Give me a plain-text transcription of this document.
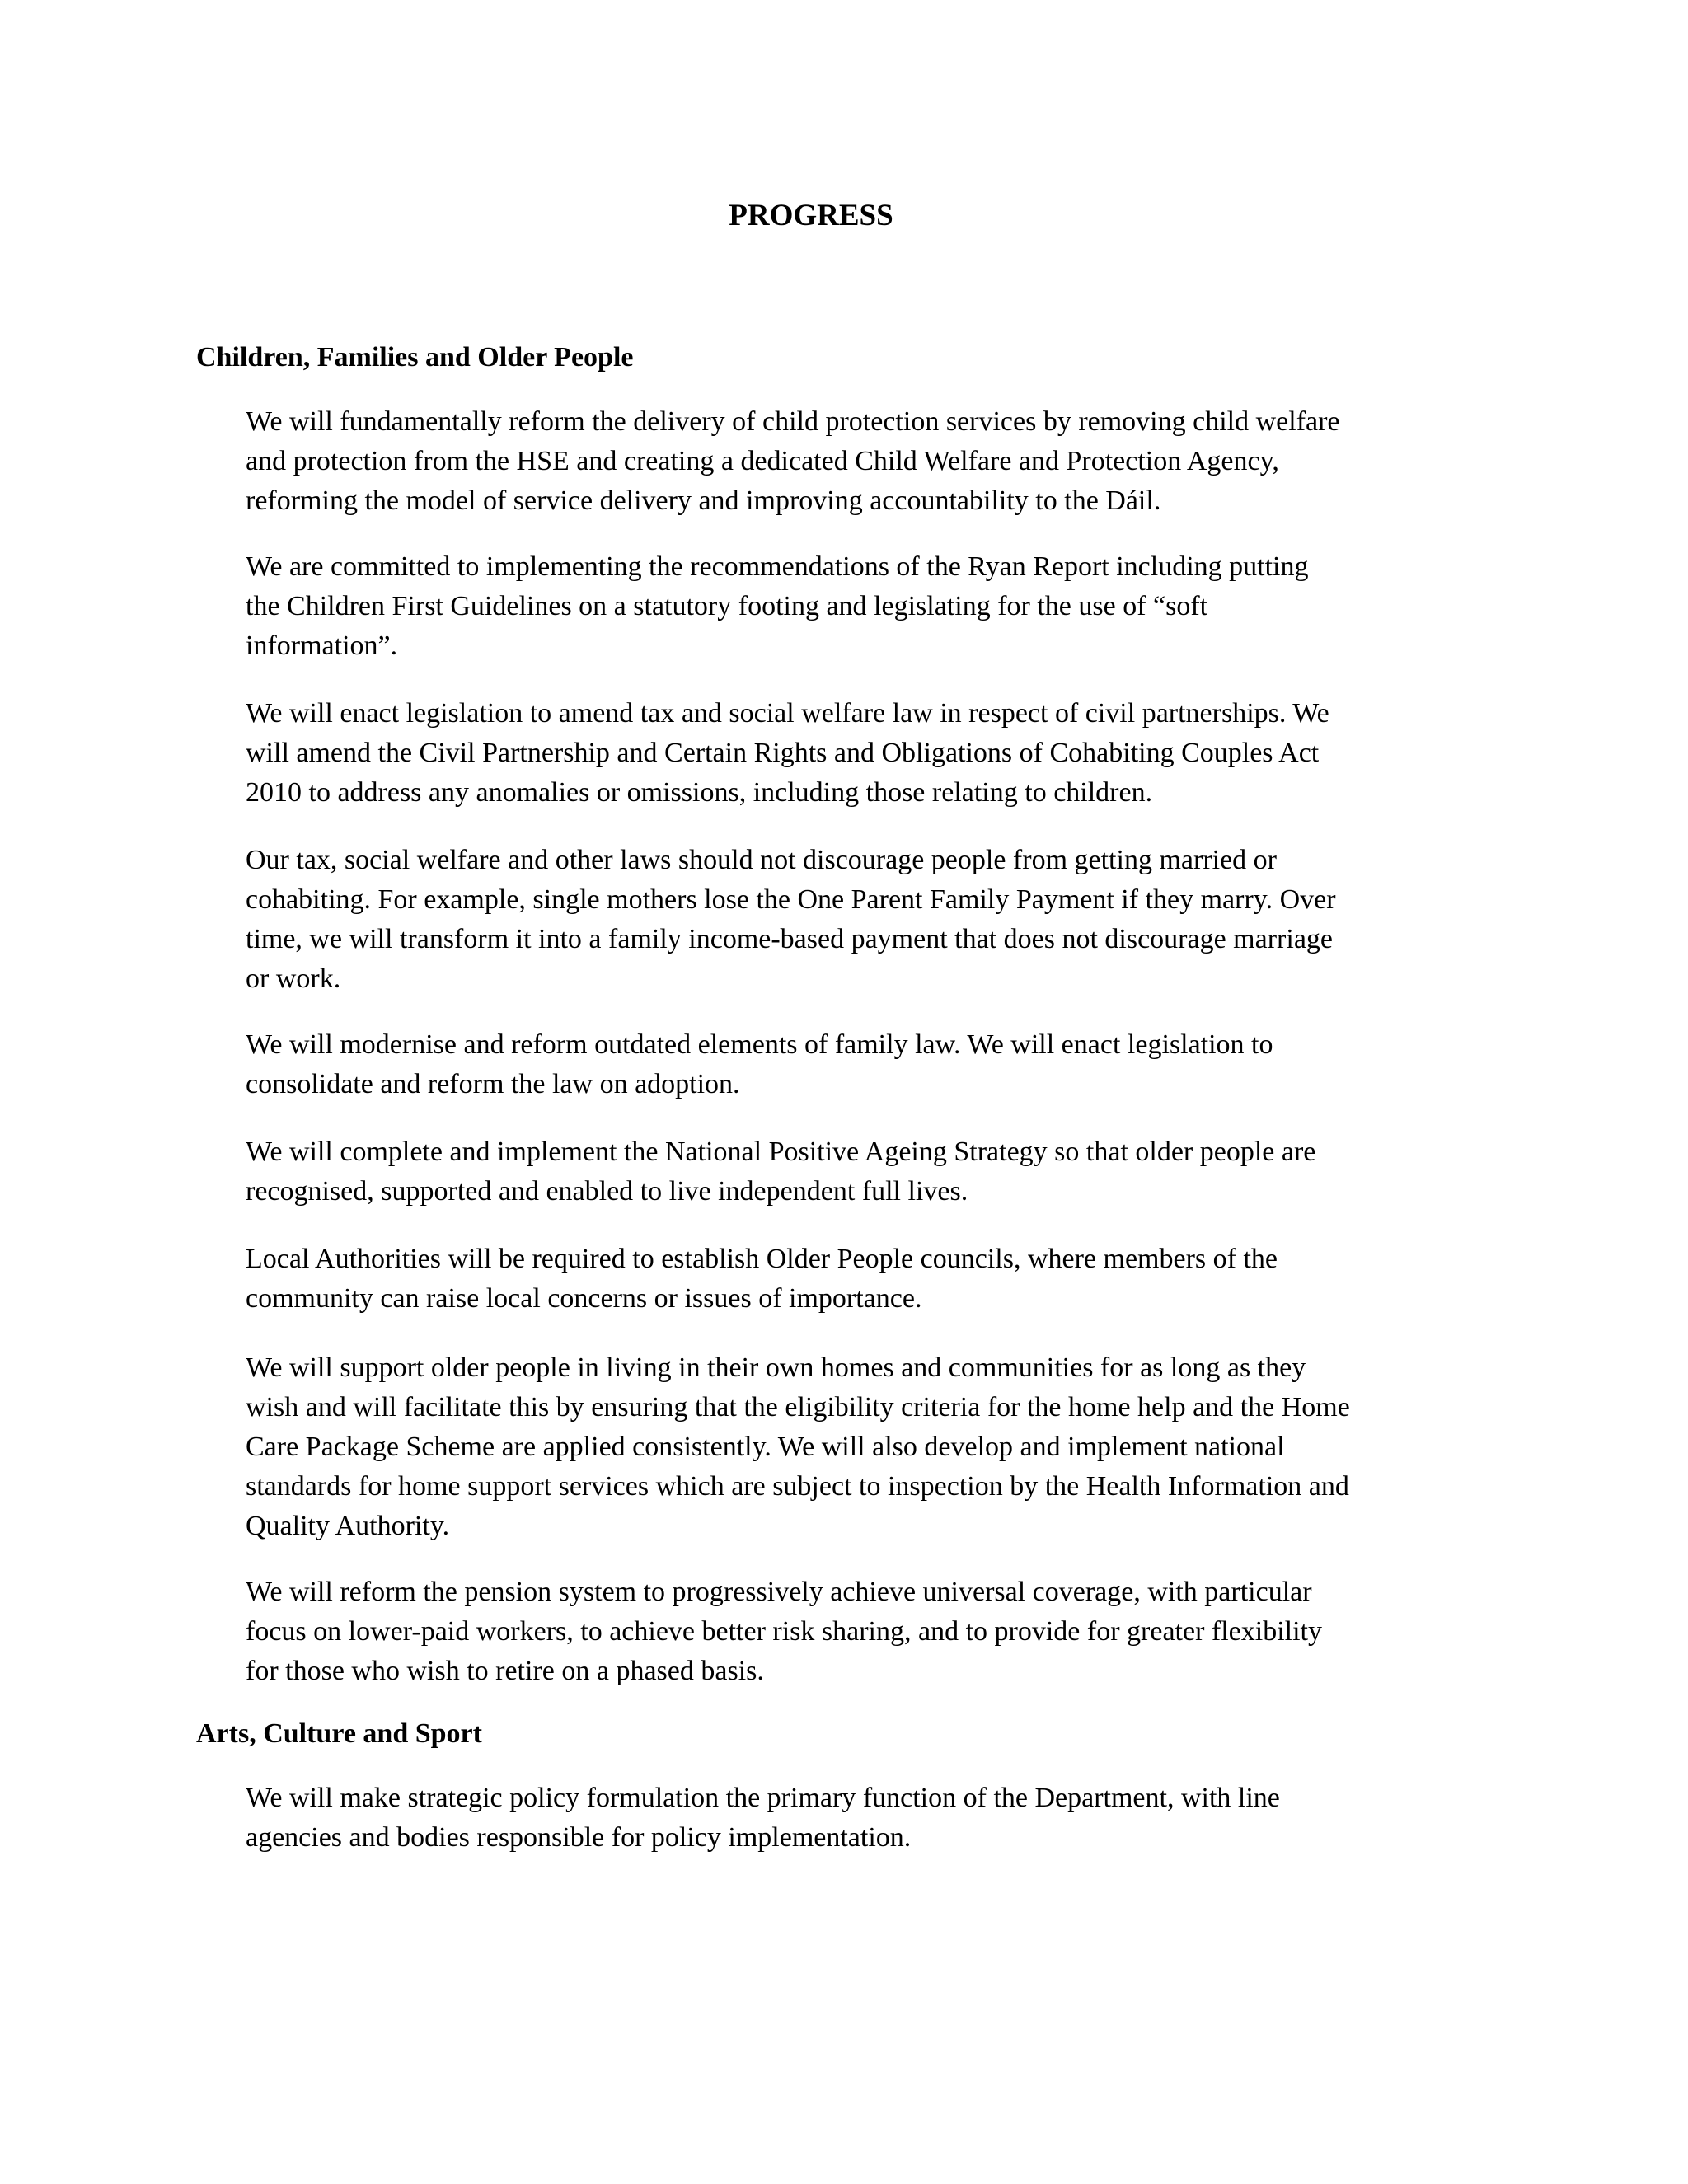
PROGRESS
Children, Families and Older People

We will fundamentally reform the delivery of child protection services by removing child welfare
and protection from the HSE and creating a dedicated Child Welfare and Protection Agency,
reforming the model of service delivery and improving accountability to the Dáil.

We are committed to implementing the recommendations of the Ryan Report including putting
the Children First Guidelines on a statutory footing and legislating for the use of “soft
information”.

We will enact legislation to amend tax and social welfare law in respect of civil partnerships. We
will amend the Civil Partnership and Certain Rights and Obligations of Cohabiting Couples Act
2010 to address any anomalies or omissions, including those relating to children.

Our tax, social welfare and other laws should not discourage people from getting married or
cohabiting. For example, single mothers lose the One Parent Family Payment if they marry. Over
time, we will transform it into a family income-based payment that does not discourage marriage
or work.

We will modernise and reform outdated elements of family law. We will enact legislation to
consolidate and reform the law on adoption.

We will complete and implement the National Positive Ageing Strategy so that older people are
recognised, supported and enabled to live independent full lives.

Local Authorities will be required to establish Older People councils, where members of the
community can raise local concerns or issues of importance.

We will support older people in living in their own homes and communities for as long as they
wish and will facilitate this by ensuring that the eligibility criteria for the home help and the Home
Care Package Scheme are applied consistently. We will also develop and implement national
standards for home support services which are subject to inspection by the Health Information and
Quality Authority.

We will reform the pension system to progressively achieve universal coverage, with particular
focus on lower-paid workers, to achieve better risk sharing, and to provide for greater flexibility
for those who wish to retire on a phased basis.

Arts, Culture and Sport

We will make strategic policy formulation the primary function of the Department, with line
agencies and bodies responsible for policy implementation.
